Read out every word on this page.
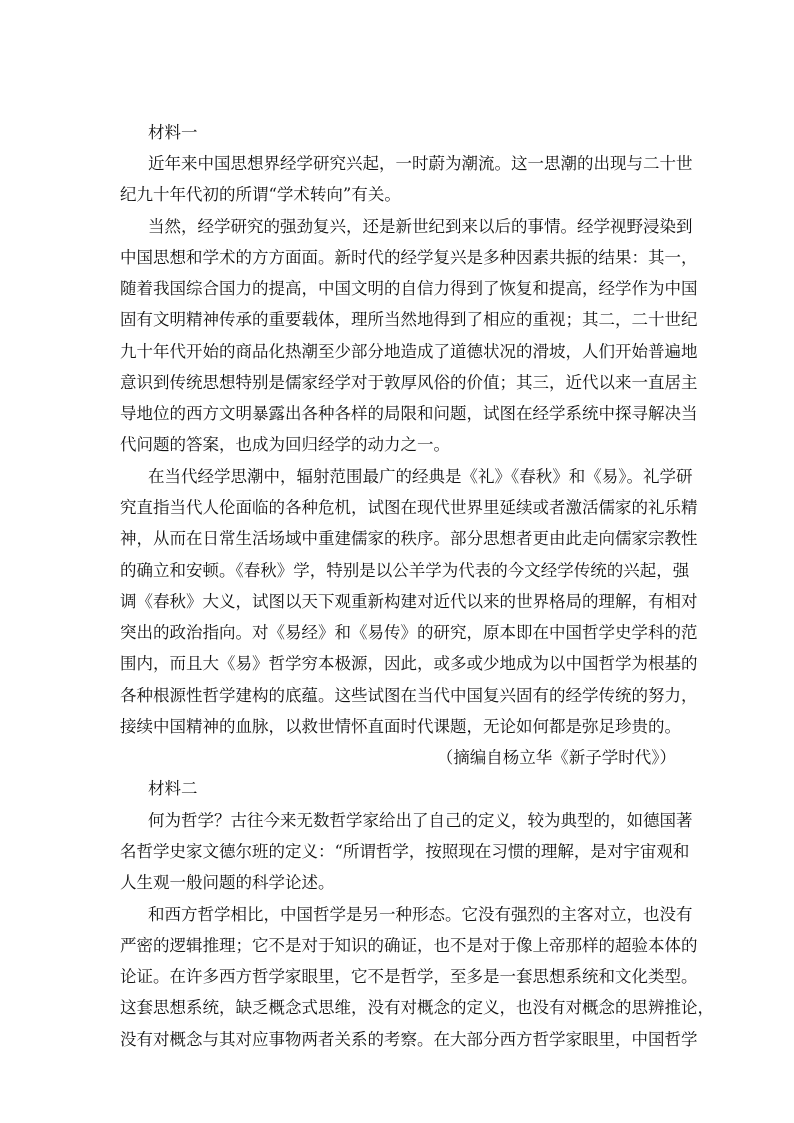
材料一
近年来中国思想界经学研究兴起，一时蔚为潮流。这一思潮的出现与二十世
纪九十年代初的所谓“学术转向”有关。
当然，经学研究的强劲复兴，还是新世纪到来以后的事情。经学视野浸染到
中国思想和学术的方方面面。新时代的经学复兴是多种因素共振的结果：其一，
随着我国综合国力的提高，中国文明的自信力得到了恢复和提高，经学作为中国
固有文明精神传承的重要载体，理所当然地得到了相应的重视；其二，二十世纪
九十年代开始的商品化热潮至少部分地造成了道德状况的滑坡，人们开始普遍地
意识到传统思想特别是儒家经学对于敦厚风俗的价值；其三，近代以来一直居主
导地位的西方文明暴露出各种各样的局限和问题，试图在经学系统中探寻解决当
代问题的答案，也成为回归经学的动力之一。
在当代经学思潮中，辐射范围最广的经典是《礼》《春秋》和《易》。礼学研
究直指当代人伦面临的各种危机，试图在现代世界里延续或者激活儒家的礼乐精
神，从而在日常生活场域中重建儒家的秩序。部分思想者更由此走向儒家宗教性
的确立和安顿。《春秋》学，特别是以公羊学为代表的今文经学传统的兴起，强
调《春秋》大义，试图以天下观重新构建对近代以来的世界格局的理解，有相对
突出的政治指向。对《易经》和《易传》的研究，原本即在中国哲学史学科的范
围内，而且大《易》哲学穷本极源，因此，或多或少地成为以中国哲学为根基的
各种根源性哲学建构的底蕴。这些试图在当代中国复兴固有的经学传统的努力，
接续中国精神的血脉，以救世情怀直面时代课题，无论如何都是弥足珍贵的。
（摘编自杨立华《新子学时代》）
材料二
何为哲学？古往今来无数哲学家给出了自己的定义，较为典型的，如德国著
名哲学史家文德尔班的定义：“所谓哲学，按照现在习惯的理解，是对宇宙观和
人生观一般问题的科学论述。
和西方哲学相比，中国哲学是另一种形态。它没有强烈的主客对立，也没有
严密的逻辑推理；它不是对于知识的确证，也不是对于像上帝那样的超验本体的
论证。在许多西方哲学家眼里，它不是哲学，至多是一套思想系统和文化类型。
这套思想系统，缺乏概念式思维，没有对概念的定义，也没有对概念的思辨推论，
没有对概念与其对应事物两者关系的考察。在大部分西方哲学家眼里，中国哲学
